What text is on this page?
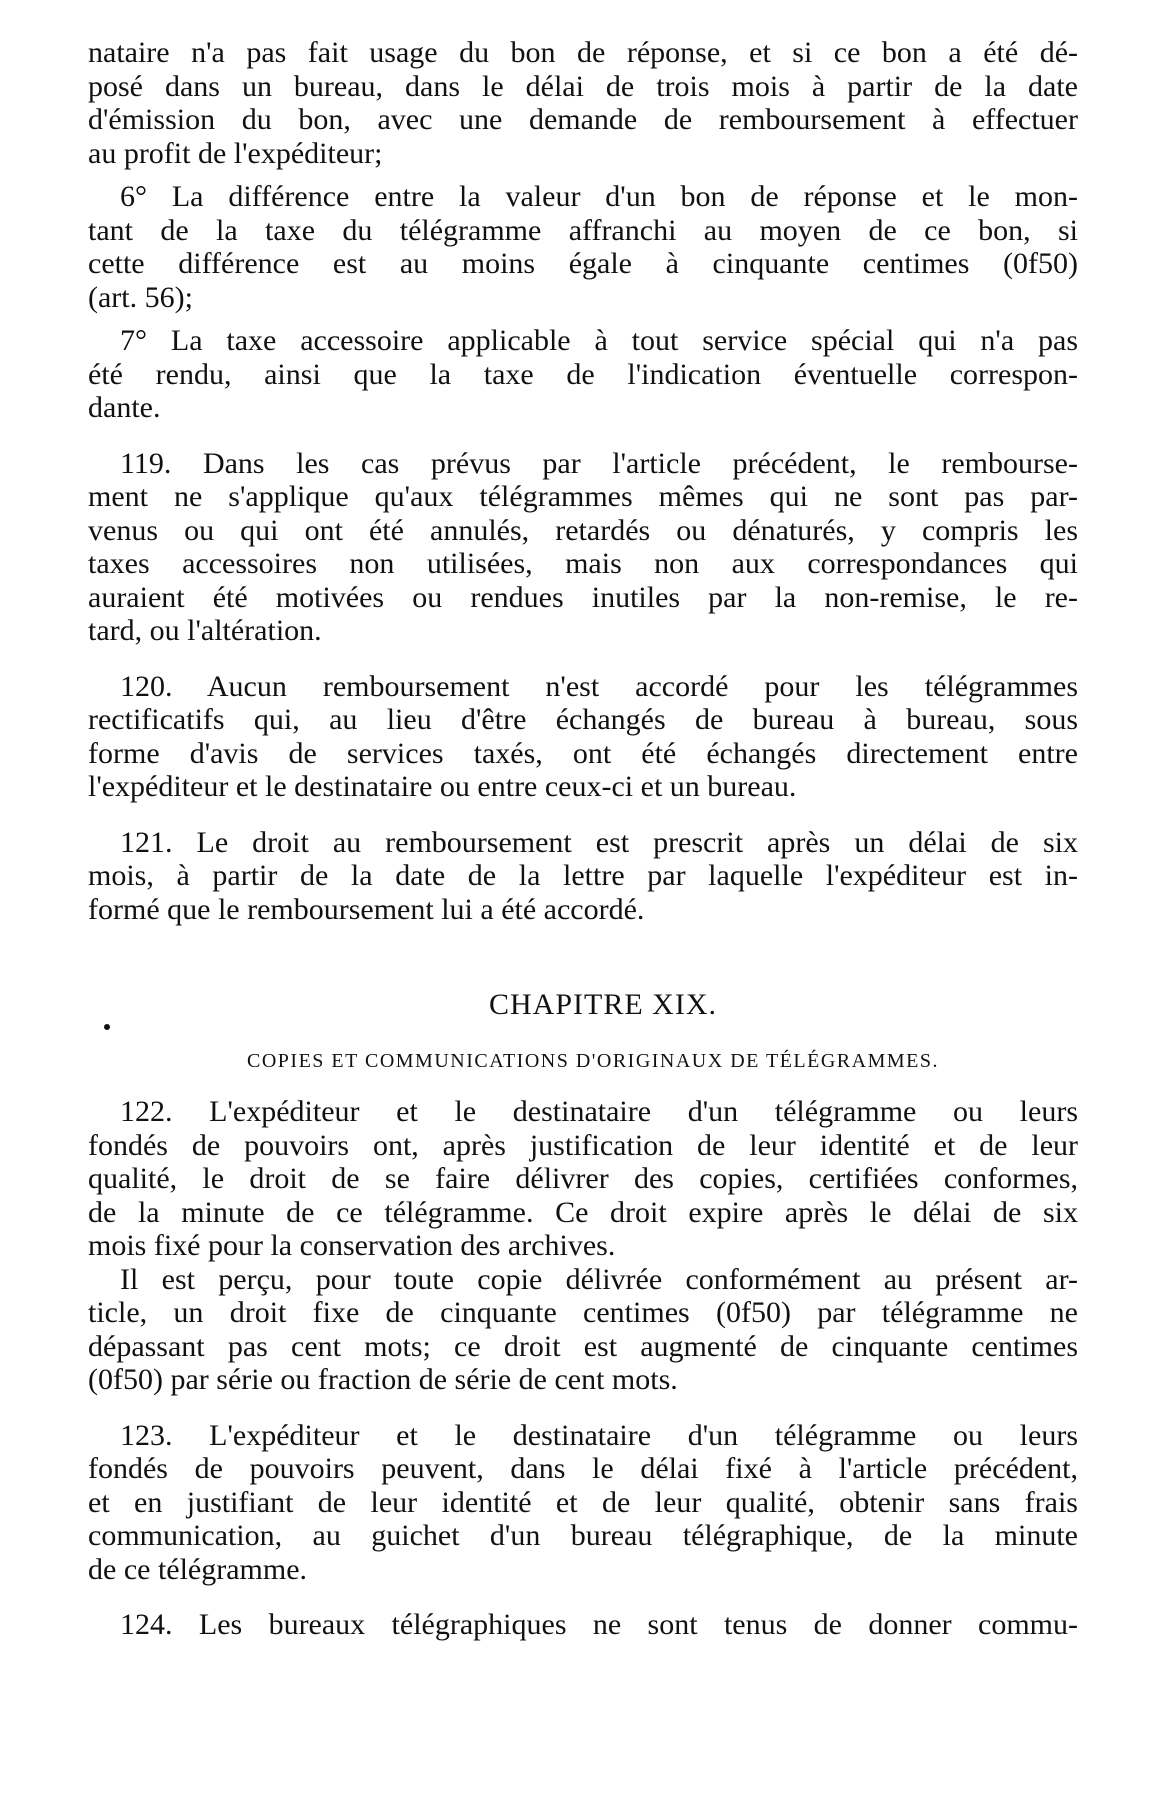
nataire n'a pas fait usage du bon de réponse, et si ce bon a été dé-
posé dans un bureau, dans le délai de trois mois à partir de la date
d'émission du bon, avec une demande de remboursement à effectuer
au profit de l'expéditeur;
6° La différence entre la valeur d'un bon de réponse et le mon-
tant de la taxe du télégramme affranchi au moyen de ce bon, si
cette différence est au moins égale à cinquante centimes (0f50)
(art. 56);
7° La taxe accessoire applicable à tout service spécial qui n'a pas
été rendu, ainsi que la taxe de l'indication éventuelle correspon-
dante.
119. Dans les cas prévus par l'article précédent, le rembourse-
ment ne s'applique qu'aux télégrammes mêmes qui ne sont pas par-
venus ou qui ont été annulés, retardés ou dénaturés, y compris les
taxes accessoires non utilisées, mais non aux correspondances qui
auraient été motivées ou rendues inutiles par la non-remise, le re-
tard, ou l'altération.
120. Aucun remboursement n'est accordé pour les télégrammes
rectificatifs qui, au lieu d'être échangés de bureau à bureau, sous
forme d'avis de services taxés, ont été échangés directement entre
l'expéditeur et le destinataire ou entre ceux-ci et un bureau.
121. Le droit au remboursement est prescrit après un délai de six
mois, à partir de la date de la lettre par laquelle l'expéditeur est in-
formé que le remboursement lui a été accordé.

CHAPITRE XIX.

COPIES ET COMMUNICATIONS D'ORIGINAUX DE TÉLÉGRAMMES.

122. L'expéditeur et le destinataire d'un télégramme ou leurs
fondés de pouvoirs ont, après justification de leur identité et de leur
qualité, le droit de se faire délivrer des copies, certifiées conformes,
de la minute de ce télégramme. Ce droit expire après le délai de six
mois fixé pour la conservation des archives.
Il est perçu, pour toute copie délivrée conformément au présent ar-
ticle, un droit fixe de cinquante centimes (0f50) par télégramme ne
dépassant pas cent mots; ce droit est augmenté de cinquante centimes
(0f50) par série ou fraction de série de cent mots.
123. L'expéditeur et le destinataire d'un télégramme ou leurs
fondés de pouvoirs peuvent, dans le délai fixé à l'article précédent,
et en justifiant de leur identité et de leur qualité, obtenir sans frais
communication, au guichet d'un bureau télégraphique, de la minute
de ce télégramme.
124. Les bureaux télégraphiques ne sont tenus de donner commu-
